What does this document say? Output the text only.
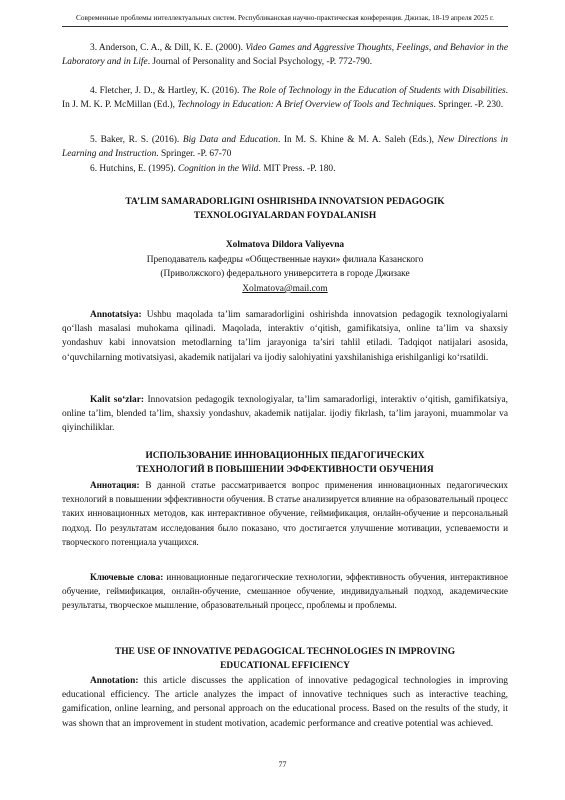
Современные проблемы интеллектуальных систем. Республиканская научно-практическая конференция. Джизак, 18-19 апреля 2025 г.

3. Anderson, C. A., & Dill, K. E. (2000). Video Games and Aggressive Thoughts, Feelings, and Behavior in the Laboratory and in Life. Journal of Personality and Social Psychology, -P. 772-790.

4. Fletcher, J. D., & Hartley, K. (2016). The Role of Technology in the Education of Students with Disabilities. In J. M. K. P. McMillan (Ed.), Technology in Education: A Brief Overview of Tools and Techniques. Springer. -P. 230.

5. Baker, R. S. (2016). Big Data and Education. In M. S. Khine & M. A. Saleh (Eds.), New Directions in Learning and Instruction. Springer. -P. 67-70

6. Hutchins, E. (1995). Cognition in the Wild. MIT Press. -P. 180.

TA’LIM SAMARADORLIGINI OSHIRISHDA INNOVATSION PEDAGOGIK
TEXNOLOGIYALARDAN FOYDALANISH
Xolmatova Dildora Valiyevna
Преподаватель кафедры «Общественные науки» филиала Казанского
(Приволжского) федерального университета в городе Джизаке
Xolmatova@mail.com

Annotatsiya: Ushbu maqolada ta’lim samaradorligini oshirishda innovatsion pedagogik texnologiyalarni qo‘llash masalasi muhokama qilinadi. Maqolada, interaktiv o‘qitish, gamifikatsiya, online ta’lim va shaxsiy yondashuv kabi innovatsion metodlarning ta’lim jarayoniga ta’siri tahlil etiladi. Tadqiqot natijalari asosida, o‘quvchilarning motivatsiyasi, akademik natijalari va ijodiy salohiyatini yaxshilanishiga erishilganligi ko‘rsatildi.

Kalit so‘zlar: Innovatsion pedagogik texnologiyalar, ta’lim samaradorligi, interaktiv o‘qitish, gamifikatsiya, online ta’lim, blended ta’lim, shaxsiy yondashuv, akademik natijalar. ijodiy fikrlash, ta’lim jarayoni, muammolar va qiyinchiliklar.

ИСПОЛЬЗОВАНИЕ ИННОВАЦИОННЫХ ПЕДАГОГИЧЕСКИХ
ТЕХНОЛОГИЙ В ПОВЫШЕНИИ ЭФФЕКТИВНОСТИ ОБУЧЕНИЯ

Аннотация: В данной статье рассматривается вопрос применения инновационных педагогических технологий в повышении эффективности обучения. В статье анализируется влияние на образовательный процесс таких инновационных методов, как интерактивное обучение, геймификация, онлайн-обучение и персональный подход. По результатам исследования было показано, что достигается улучшение мотивации, успеваемости и творческого потенциала учащихся.

Ключевые слова: инновационные педагогические технологии, эффективность обучения, интерактивное обучение, геймификация, онлайн-обучение, смешанное обучение, индивидуальный подход, академические результаты, творческое мышление, образовательный процесс, проблемы и проблемы.

THE USE OF INNOVATIVE PEDAGOGICAL TECHNOLOGIES IN IMPROVING
EDUCATIONAL EFFICIENCY

Annotation: this article discusses the application of innovative pedagogical technologies in improving educational efficiency. The article analyzes the impact of innovative techniques such as interactive teaching, gamification, online learning, and personal approach on the educational process. Based on the results of the study, it was shown that an improvement in student motivation, academic performance and creative potential was achieved.

77
